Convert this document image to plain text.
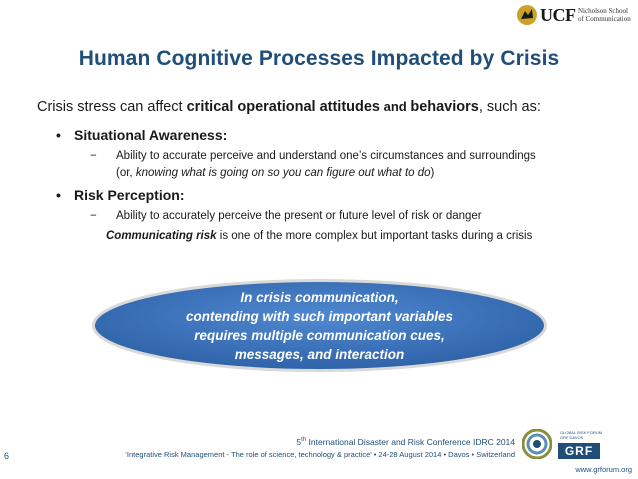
UCF Nicholson School
of Communication
Human Cognitive Processes Impacted by Crisis
Crisis stress can affect critical operational attitudes and behaviors, such as:
• Situational Awareness:
− Ability to accurate perceive and understand one’s circumstances and surroundings
(or, knowing what is going on so you can figure out what to do)
• Risk Perception:
− Ability to accurately perceive the present or future level of risk or danger
Communicating risk is one of the more complex but important tasks during a crisis
In crisis communication,
contending with such important variables
requires multiple communication cues,
messages, and interaction
6
5th International Disaster and Risk Conference IDRC 2014
‘Integrative Risk Management - The role of science, technology & practice’ • 24-28 August 2014 • Davos • Switzerland
GLOBAL RISK FORUM
GRF DAVOS
GRF
www.grforum.org
